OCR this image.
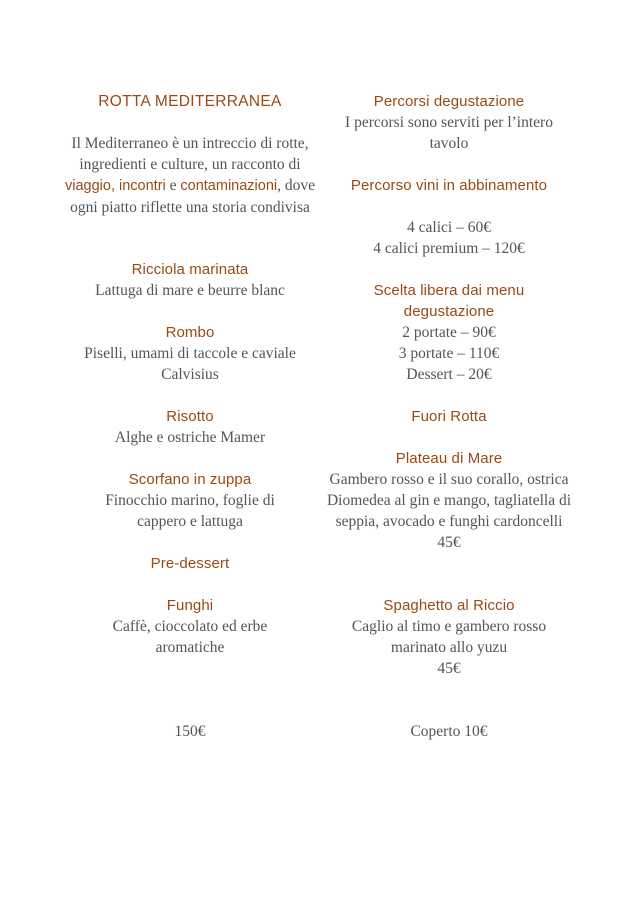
ROTTA MEDITERRANEA
Il Mediterraneo è un intreccio di rotte, ingredienti e culture, un racconto di viaggio, incontri e contaminazioni, dove ogni piatto riflette una storia condivisa
Ricciola marinata
Lattuga di mare e beurre blanc
Rombo
Piselli, umami di taccole e caviale Calvisius
Risotto
Alghe e ostriche Mamer
Scorfano in zuppa
Finocchio marino, foglie di cappero e lattuga
Pre-dessert
Funghi
Caffè, cioccolato ed erbe aromatiche
150€
Percorsi degustazione
I percorsi sono serviti per l’intero tavolo
Percorso vini in abbinamento
4 calici – 60€
4 calici premium – 120€
Scelta libera dai menu degustazione
2 portate – 90€
3 portate – 110€
Dessert – 20€
Fuori Rotta
Plateau di Mare
Gambero rosso e il suo corallo, ostrica Diomedea al gin e mango, tagliatella di seppia, avocado e funghi cardoncelli
45€
Spaghetto al Riccio
Caglio al timo e gambero rosso marinato allo yuzu
45€
Coperto 10€
